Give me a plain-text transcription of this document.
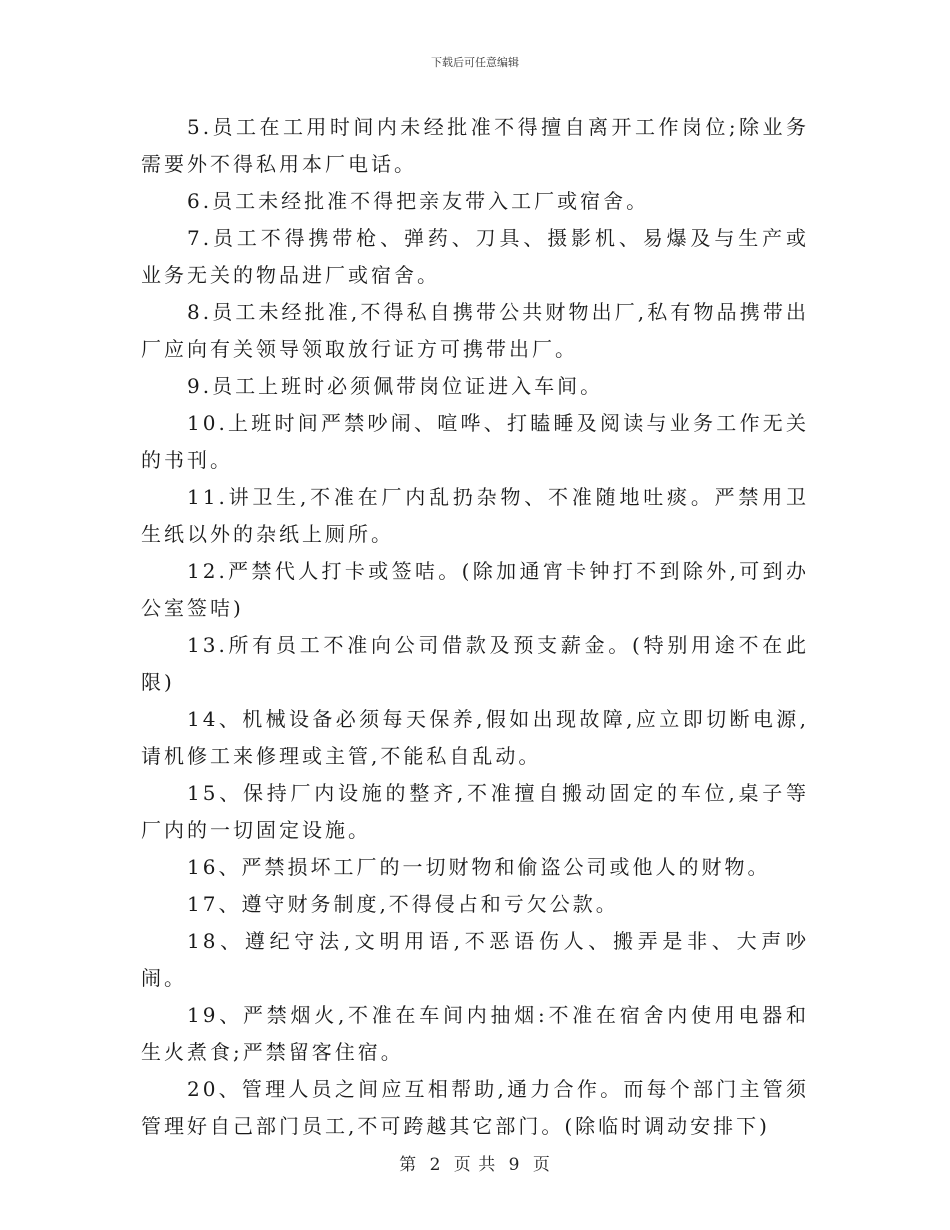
下载后可任意编辑

5.员工在工用时间内未经批准不得擅自离开工作岗位;除业务需要外不得私用本厂电话。

6.员工未经批准不得把亲友带入工厂或宿舍。

7.员工不得携带枪、弹药、刀具、摄影机、易爆及与生产或业务无关的物品进厂或宿舍。

8.员工未经批准,不得私自携带公共财物出厂,私有物品携带出厂应向有关领导领取放行证方可携带出厂。

9.员工上班时必须佩带岗位证进入车间。

10.上班时间严禁吵闹、喧哗、打瞌睡及阅读与业务工作无关的书刊。

11.讲卫生,不准在厂内乱扔杂物、不准随地吐痰。严禁用卫生纸以外的杂纸上厕所。

12.严禁代人打卡或签咭。(除加通宵卡钟打不到除外,可到办公室签咭)

13.所有员工不准向公司借款及预支薪金。(特别用途不在此限)

14、机械设备必须每天保养,假如出现故障,应立即切断电源,请机修工来修理或主管,不能私自乱动。

15、保持厂内设施的整齐,不准擅自搬动固定的车位,桌子等厂内的一切固定设施。

16、严禁损坏工厂的一切财物和偷盗公司或他人的财物。

17、遵守财务制度,不得侵占和亏欠公款。

18、遵纪守法,文明用语,不恶语伤人、搬弄是非、大声吵闹。

19、严禁烟火,不准在车间内抽烟:不准在宿舍内使用电器和生火煮食;严禁留客住宿。

20、管理人员之间应互相帮助,通力合作。而每个部门主管须管理好自己部门员工,不可跨越其它部门。(除临时调动安排下)

第 2 页 共 9 页
